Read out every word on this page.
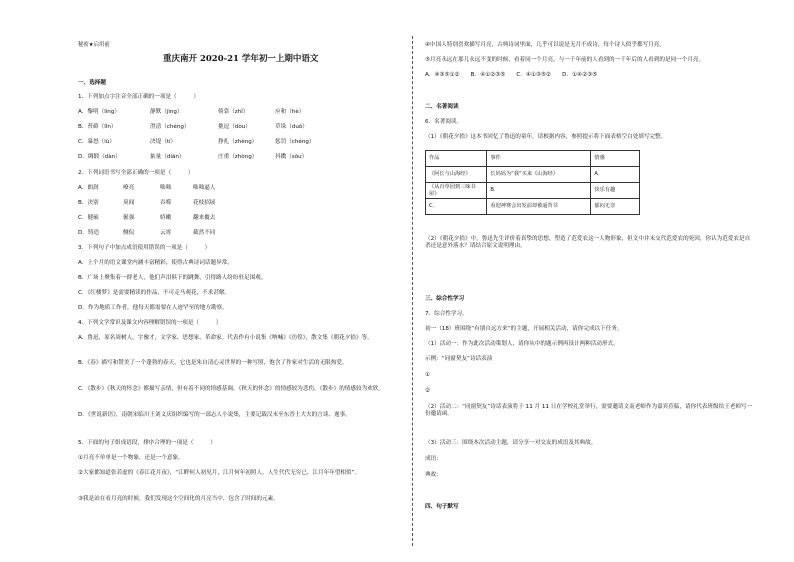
秘密★启用前
重庆南开 2020-21 学年初一上期中语文
一、选择题
1．下列加点字注音全部正确的一项是（　　　）
A．黎明（líng）	静默（jìng）	倚靠（zhǐ）	应和（hè）
B．苔藓（lǐn）	澄清（chéng）	挑逗（dòu）	草垛（duǒ）
C．暴怒（lù）	决堤（tí）	挣扎（zhèng）	惩罚（chéng）
D．绸缎（dàn）	掂量（diān）	庄重（zhòng）	抖擞（sǒu）
2．下列词语书写全部正确的一项是（　　　）
A．朗润	嘹亮	咄咄	咄咄逼人
B．决别	臭闻	吞噬	花枝招展
C．健硕	倔强	娇嫩	翻来覆去
D．铸造	侧侃	云霄	截然不同
3．下列句子中加点成语使用错误的一项是（　　　）
A．上个月的语文课堂内涵丰富精彩，使得古典诗词话题异常。
B．广场上聚集着一群老人，他们声泪俱下的跳舞，引得路人纷纷驻足围观。
C．《红楼梦》是需要精读的作品，不可走马观花，不求甚解。
D．作为地质工作者，他每天都需要在人迹罕至的地方勘察。
4．下列文学常识及课文内容理解错误的一项是（　　　）
A．鲁迅，原名周树人，字豫才，文学家、思想家、革命家。代表作有小说集《呐喊》《彷徨》，散文集《朝花夕拾》等。
B．《春》描写和赞美了一个蓬勃的春天，它也是朱自清心灵世界的一种写照，饱含了作家对生活的无限热爱。
C．《散步》《秋天的怀念》都描写亲情，但有着不同的情感基调，《秋天的怀念》的情感较为悲伤，《散步》的情感较为欢欣。
D．《世说新语》，南朝宋临川王刘义庆组织编写的一部志人小说集，主要记载汉末至东晋士大夫的言谈、逸事。
5．下面的句子组成语段，排序合理的一项是（　　　）
①月亮不单单是一个物象，还是一个意象。
②大家都知道张若虚的《春江花月夜》，“江畔何人初见月，江月何年初照人，人生代代无穷已，江月年年望相似”。
③我是站在看月亮的时候，我们发现这个空间化的月亮当中，包含了时间的元素。
④中国人特别喜欢描写月亮，古典诗词里面，几乎可以说是无月不成诗，每个诗人似乎都写月亮。
⑤月亮永远在那儿永远不变的时候，看着同一个月亮，与一千年前的人看到的一千年后的人看到的是同一个月亮。
A．④③⑤①②　　B．④①②③⑤　　C．④①③⑤②　　D．①④②③⑤
二、名著阅读
6．名著阅读。
（1）《朝花夕拾》这本书回忆了鲁迅的童年，请根据内容，参照提示将下面表格空白处填写完整。
作品	事件	情感
《阿长与山海经》	长妈妈为“我”买来《山海经》	A．
《从百草园到三味书屋》	B．	快乐有趣
C．	看迎神赛会出发前却被逼背书	郁闷无奈
（2）《朝花夕拾》中，鲁迅先生评价着真挚的思想，塑造了范爱农这一人物形象，但文中并未交代范爱农的死因，你认为范爱农是自杀还是意外落水？请结合原文说明理由。
三、综合性学习
7．综合性学习。
初一（18）班围绕“有朋自远方来”的主题，开展相关活动，请你完成以下任务。
（1）活动一：作为此次活动策划人，请你从中的题示例再设计两种活动形式。
示例：“同窗契友”诗话表演
①
②
（2）活动二：“同窗契友”诗话表演将于 11 月 11 日在学校礼堂举行，需要邀请文南老师作为嘉宾莅临，请你代表班级给王老师写一份邀请函。
（3）活动三：围绕本次活动主题，请分享一对交友的成语及其典故。
成语：
典故：
四、句子默写
